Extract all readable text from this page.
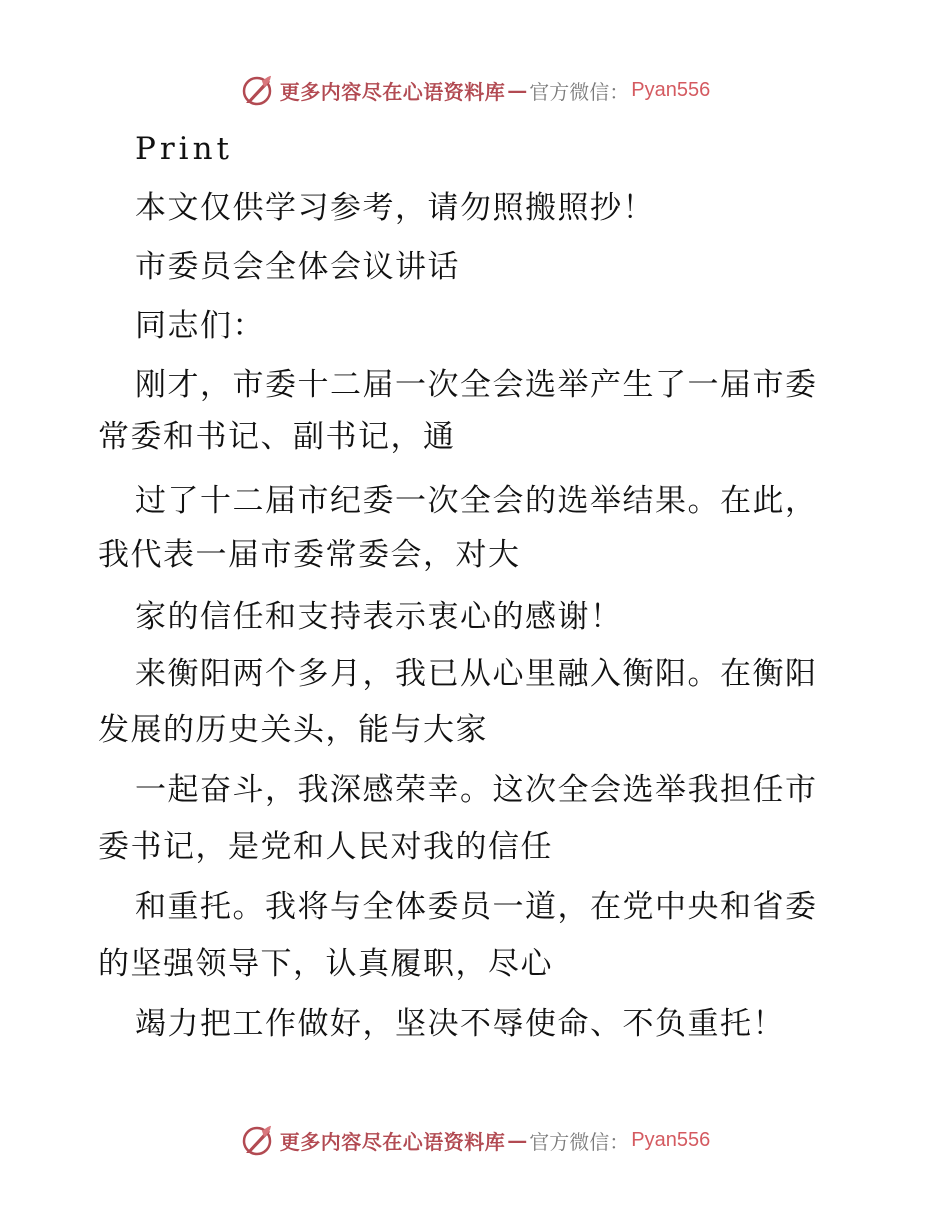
更多内容尽在心语资料库 — 官方微信： Pyan556
Print
本文仅供学习参考，请勿照搬照抄！
市委员会全体会议讲话
同志们：
刚才，市委十二届一次全会选举产生了一届市委
常委和书记、副书记，通
过了十二届市纪委一次全会的选举结果。在此，
我代表一届市委常委会，对大
家的信任和支持表示衷心的感谢！
来衡阳两个多月，我已从心里融入衡阳。在衡阳
发展的历史关头，能与大家
一起奋斗，我深感荣幸。这次全会选举我担任市
委书记，是党和人民对我的信任
和重托。我将与全体委员一道，在党中央和省委
的坚强领导下，认真履职，尽心
竭力把工作做好，坚决不辱使命、不负重托！
更多内容尽在心语资料库 — 官方微信： Pyan556
